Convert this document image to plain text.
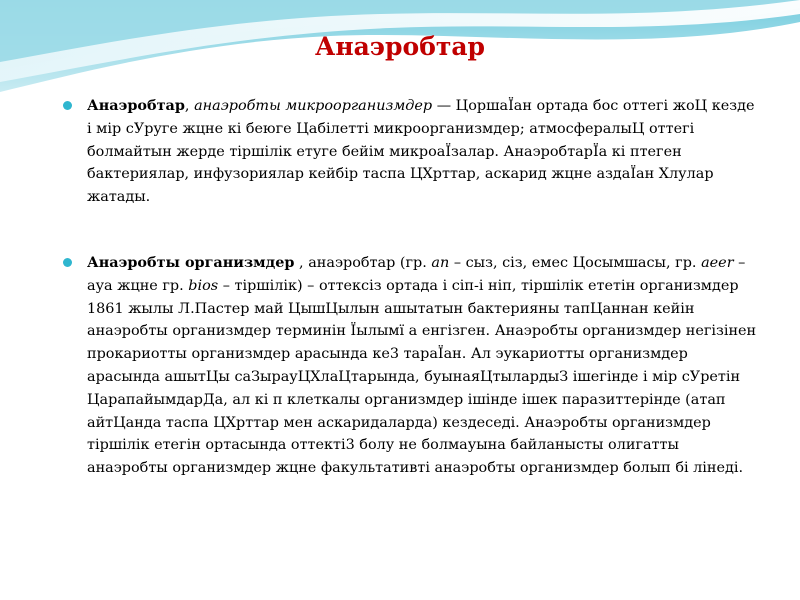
Анаэробтар
Анаэробтар, анаэробты микроорганизмдер — ЦоршаЇан ортада бос оттегі жоЦ кезде і мір сУруге жцне кі беюге Цабілетті микроорганизмдер; атмосфералыЦ оттегі болмайтын жерде тіршілік етуге бейім микроаЇзалар. АнаэробтарЇа кі птеген бактериялар, инфузориялар кейбір таспа ЦХрттар, аскарид жцне аздаЇан Хлулар жатады.
Анаэробты организмдер , анаэробтар (гр. an – сыз, сіз, емес Цосымшасы, гр. aeer – ауа жцне гр. bios – тіршілік) – оттексіз ортада і сіп-і ніп, тіршілік ететін организмдер 1861 жылы Л.Пастер май ЦышЦылын ашытатын бактерияны тапЦаннан кейін анаэробты организмдер терминін Їылымї а енгізген. Анаэробты организмдер негізінен прокариотты организмдер арасында ке3 тараЇан. Ал эукариотты организмдер арасында ашытЦы саЗырауЦХлаЦтарында, буынаяЦтылардыЗ ішегінде і мір сУретін ЦарапайымдарДа, ал кі п клеткалы организмдер ішінде ішек паразиттерінде (атап айтЦанда таспа ЦХрттар мен аскаридаларда) кездеседі. Анаэробты организмдер тіршілік етегін ортасында оттекті3 болу не болмауына байланысты олигатты анаэробты организмдер жцне факультативті анаэробты организмдер болып бі лінеді.
